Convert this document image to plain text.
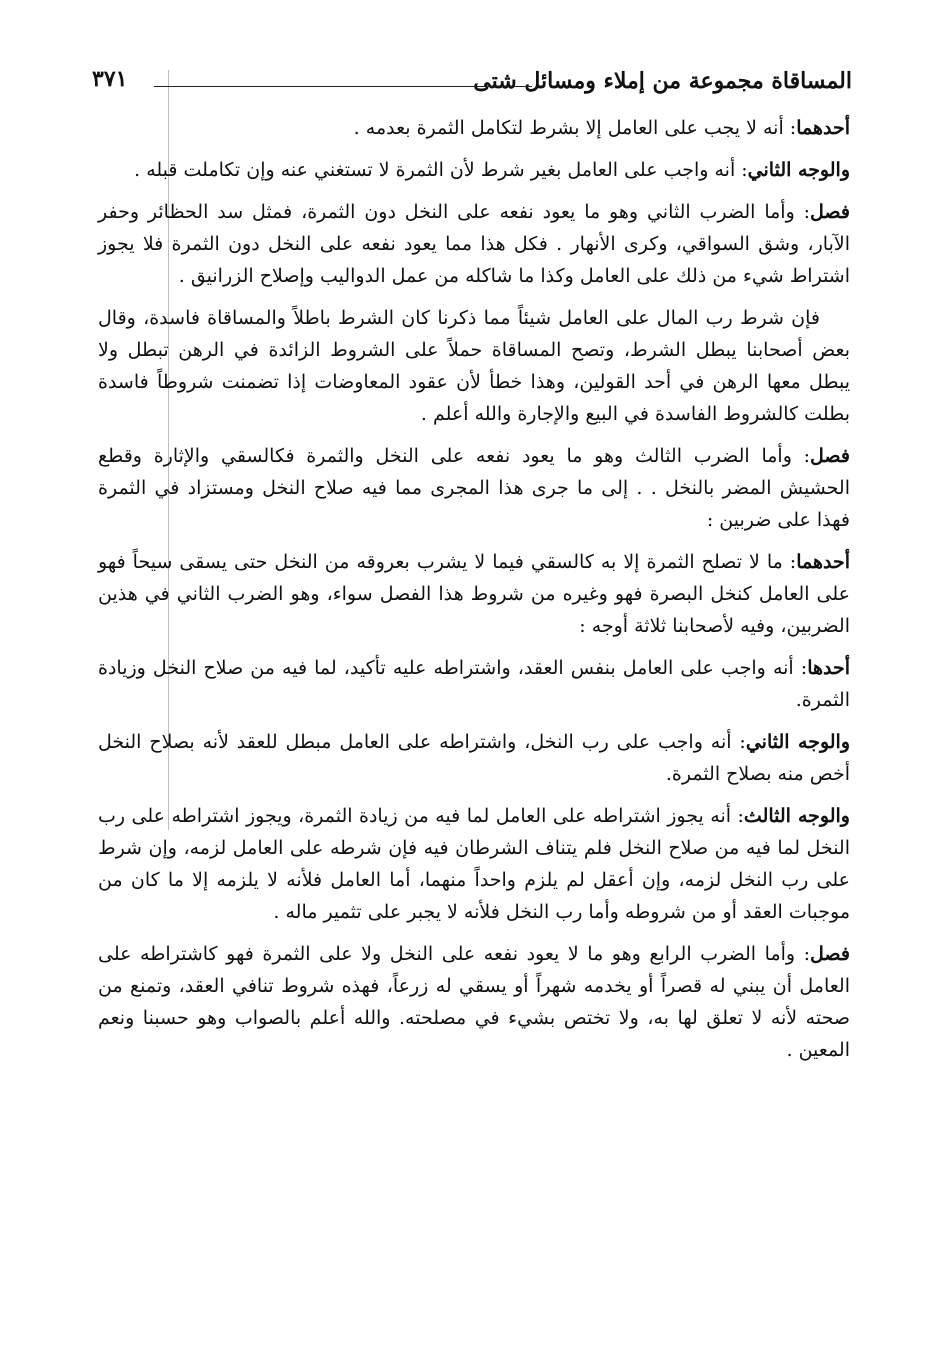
المساقاة مجموعة من إملاء ومسائل شتى
٣٧١

أحدهما: أنه لا يجب على العامل إلا بشرط لتكامل الثمرة بعدمه .

والوجه الثاني: أنه واجب على العامل بغير شرط لأن الثمرة لا تستغني عنه وإن تكاملت قبله .

فصل: وأما الضرب الثاني وهو ما يعود نفعه على النخل دون الثمرة، فمثل سد الحظائر وحفر الآبار، وشق السواقي، وكرى الأنهار . فكل هذا مما يعود نفعه على النخل دون الثمرة فلا يجوز اشتراط شيء من ذلك على العامل وكذا ما شاكله من عمل الدواليب وإصلاح الزرانيق .

فإن شرط رب المال على العامل شيئاً مما ذكرنا كان الشرط باطلاً والمساقاة فاسدة، وقال بعض أصحابنا يبطل الشرط، وتصح المساقاة حملاً على الشروط الزائدة في الرهن تبطل ولا يبطل معها الرهن في أحد القولين، وهذا خطأ لأن عقود المعاوضات إذا تضمنت شروطاً فاسدة بطلت كالشروط الفاسدة في البيع والإجارة والله أعلم .

فصل: وأما الضرب الثالث وهو ما يعود نفعه على النخل والثمرة فكالسقي والإثارة وقطع الحشيش المضر بالنخل . . إلى ما جرى هذا المجرى مما فيه صلاح النخل ومستزاد في الثمرة فهذا على ضربين :

أحدهما: ما لا تصلح الثمرة إلا به كالسقي فيما لا يشرب بعروقه من النخل حتى يسقى سيحاً فهو على العامل كنخل البصرة فهو وغيره من شروط هذا الفصل سواء، وهو الضرب الثاني في هذين الضربين، وفيه لأصحابنا ثلاثة أوجه :

أحدها: أنه واجب على العامل بنفس العقد، واشتراطه عليه تأكيد، لما فيه من صلاح النخل وزيادة الثمرة.

والوجه الثاني: أنه واجب على رب النخل، واشتراطه على العامل مبطل للعقد لأنه بصلاح النخل أخص منه بصلاح الثمرة.

والوجه الثالث: أنه يجوز اشتراطه على العامل لما فيه من زيادة الثمرة، ويجوز اشتراطه على رب النخل لما فيه من صلاح النخل فلم يتناف الشرطان فيه فإن شرطه على العامل لزمه، وإن شرط على رب النخل لزمه، وإن أعقل لم يلزم واحداً منهما، أما العامل فلأنه لا يلزمه إلا ما كان من موجبات العقد أو من شروطه وأما رب النخل فلأنه لا يجبر على تثمير ماله .

فصل: وأما الضرب الرابع وهو ما لا يعود نفعه على النخل ولا على الثمرة فهو كاشتراطه على العامل أن يبني له قصراً أو يخدمه شهراً أو يسقي له زرعاً، فهذه شروط تنافي العقد، وتمنع من صحته لأنه لا تعلق لها به، ولا تختص بشيء في مصلحته. والله أعلم بالصواب وهو حسبنا ونعم المعين .
